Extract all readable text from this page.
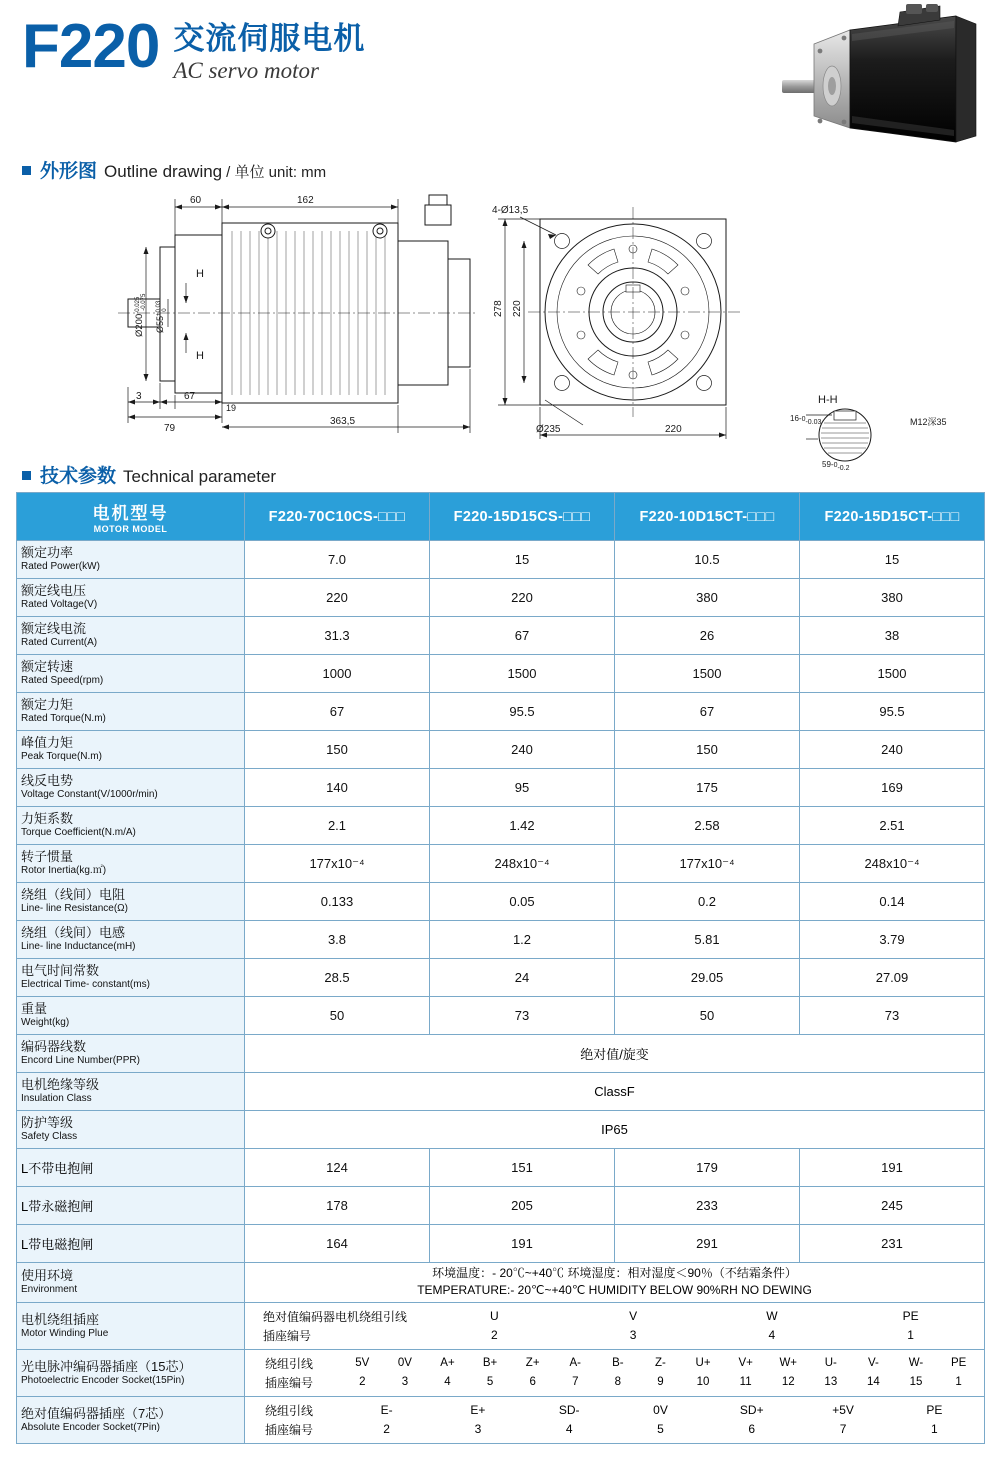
F220 交流伺服电机
AC servo motor
外形图 Outline drawing / 单位 unit: mm
60	162
H
H
$Ø200^{-0.025}-0.075$
$Ø55^{+0.03}0$
3	67
19
79
363,5
4-Ø13,5
278 220
Ø235	220
H-H
M12深35
16-0-0.03
59-0-0.2
技术参数 Technical parameter
电机型号
MOTOR MODEL	F220-70C10CS-□□□	F220-15D15CS-□□□	F220-10D15CT-□□□	F220-15D15CT-□□□

额定功率
Rated Power(kW)	7.0	15	10.5	15

额定线电压
Rated Voltage(V)	220	220	380	380

额定线电流
Rated Current(A)	31.3	67	26	38

额定转速
Rated Speed(rpm)	1000	1500	1500	1500

额定力矩
Rated Torque(N.m)	67	95.5	67	95.5

峰值力矩
Peak Torque(N.m)	150	240	150	240

线反电势
Voltage Constant(V/1000r/min)	140	95	175	169

力矩系数
Torque Coefficient(N.m/A)	2.1	1.42	2.58	2.51

转子惯量
Rotor Inertia(kg.㎡)	177x10⁻⁴	248x10⁻⁴	177x10⁻⁴	248x10⁻⁴

绕组（线间）电阻
Line- line Resistance(Ω)	0.133	0.05	0.2	0.14

绕组（线间）电感
Line- line Inductance(mH)	3.8	1.2	5.81	3.79

电气时间常数
Electrical Time- constant(ms)	28.5	24	29.05	27.09

重量
Weight(kg)	50	73	50	73

编码器线数
Encord Line Number(PPR)	绝对值/旋变			

电机绝缘等级
Insulation Class	ClassF			

防护等级
Safety Class	IP65			
L不带电抱闸	124	151	179	191
L带永磁抱闸	178	205	233	245
L带电磁抱闸	164	191	291	231

使用环境
Environment

环境温度：- 20℃~+40℃ 环境湿度：相对湿度＜90％（不结霜条件）
TEMPERATURE:- 20℃~+40℃ HUMIDITY BELOW 90%RH NO DEWING

电机绕组插座
Motor Winding Plue

绝对值编码器电机绕组引线	U	V	W	PE
插座编号	2	3	4	1

光电脉冲编码器插座（15芯）
Photoelectric Encoder Socket(15Pin)

绕组引线	5V	0V	A+	B+	Z+	A-	B-	Z-	U+	V+	W+	U-	V-	W-	PE
插座编号	2	3	4	5	6	7	8	9	10	11	12	13	14	15	1

绝对值编码器插座（7芯）
Absolute Encoder Socket(7Pin)

绕组引线	E-	E+	SD-	0V	SD+	+5V	PE
插座编号	2	3	4	5	6	7	1
